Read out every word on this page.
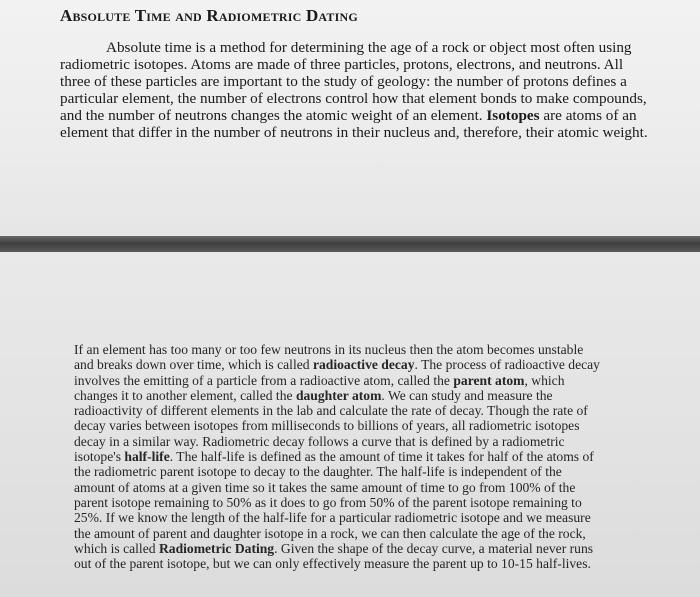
Absolute Time and Radiometric Dating
Absolute time is a method for determining the age of a rock or object most often using
radiometric isotopes. Atoms are made of three particles, protons, electrons, and neutrons. All
three of these particles are important to the study of geology: the number of protons defines a
particular element, the number of electrons control how that element bonds to make compounds,
and the number of neutrons changes the atomic weight of an element. Isotopes are atoms of an
element that differ in the number of neutrons in their nucleus and, therefore, their atomic weight.
If an element has too many or too few neutrons in its nucleus then the atom becomes unstable
and breaks down over time, which is called radioactive decay. The process of radioactive decay
involves the emitting of a particle from a radioactive atom, called the parent atom, which
changes it to another element, called the daughter atom. We can study and measure the
radioactivity of different elements in the lab and calculate the rate of decay. Though the rate of
decay varies between isotopes from milliseconds to billions of years, all radiometric isotopes
decay in a similar way. Radiometric decay follows a curve that is defined by a radiometric
isotope's half-life. The half-life is defined as the amount of time it takes for half of the atoms of
the radiometric parent isotope to decay to the daughter. The half-life is independent of the
amount of atoms at a given time so it takes the same amount of time to go from 100% of the
parent isotope remaining to 50% as it does to go from 50% of the parent isotope remaining to
25%. If we know the length of the half-life for a particular radiometric isotope and we measure
the amount of parent and daughter isotope in a rock, we can then calculate the age of the rock,
which is called Radiometric Dating. Given the shape of the decay curve, a material never runs
out of the parent isotope, but we can only effectively measure the parent up to 10-15 half-lives.
